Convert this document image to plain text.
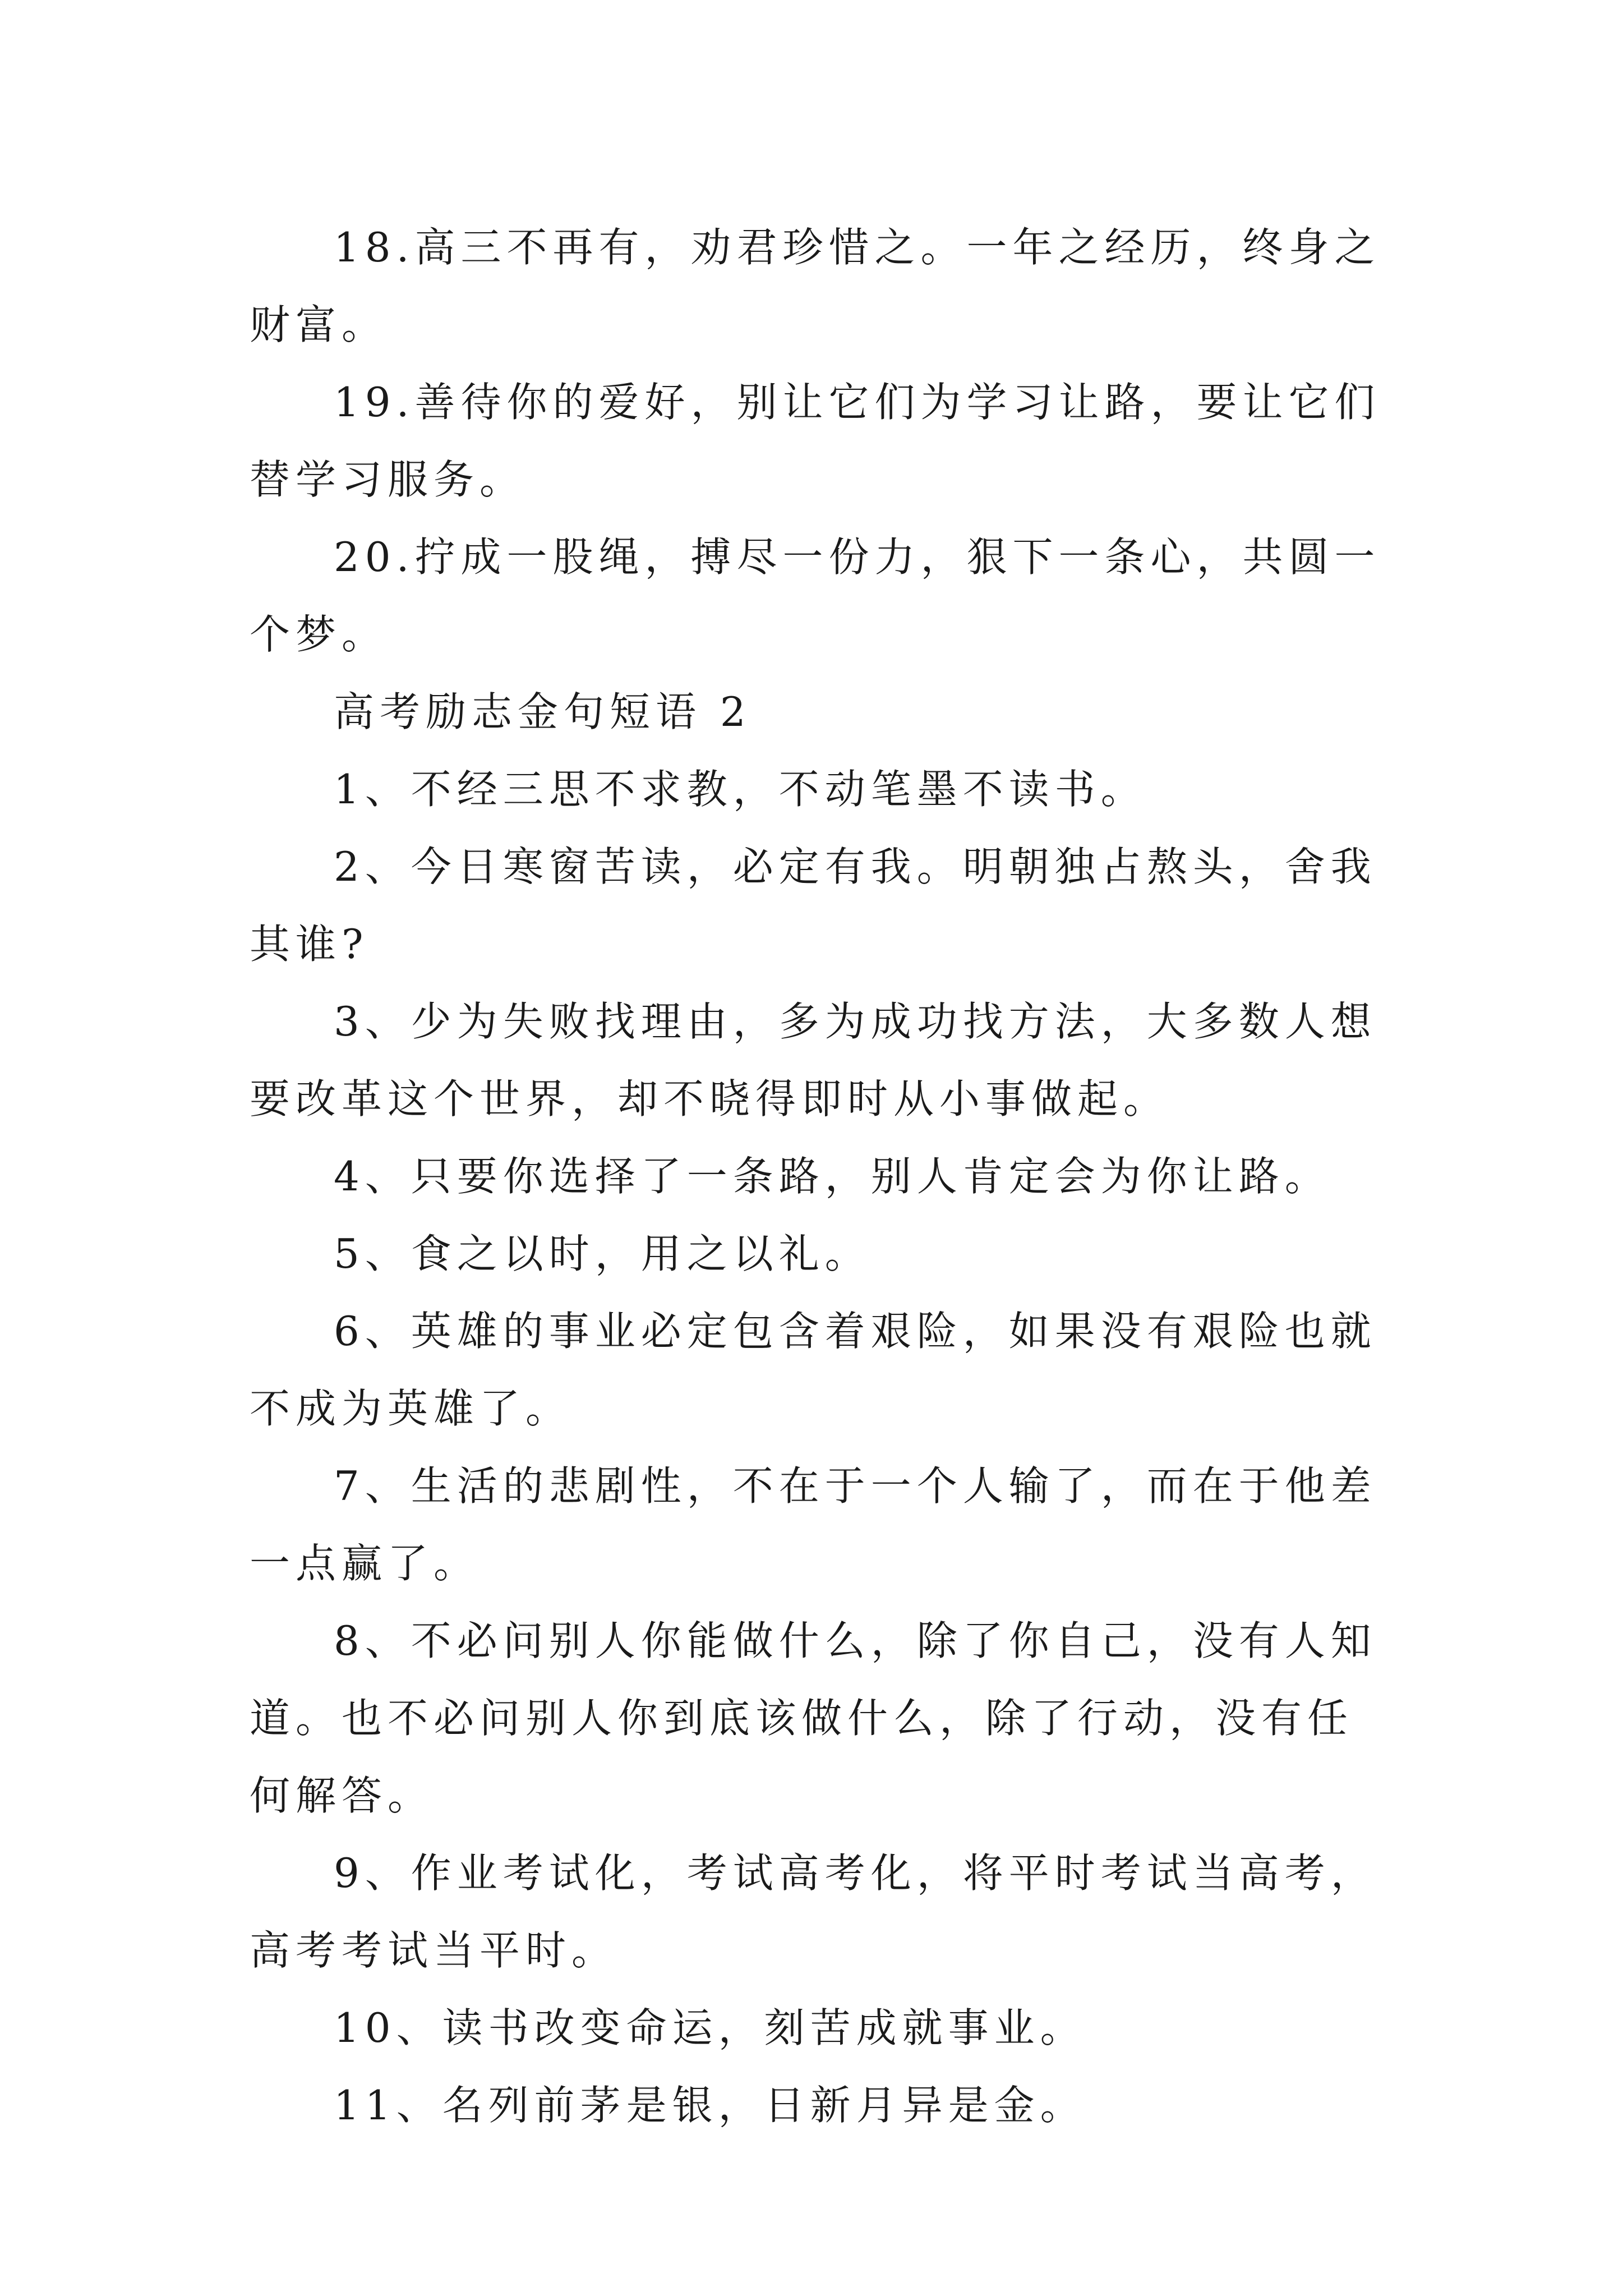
18.高三不再有，劝君珍惜之。一年之经历，终身之财富。

19.善待你的爱好，别让它们为学习让路，要让它们替学习服务。

20.拧成一股绳，搏尽一份力，狠下一条心，共圆一个梦。

高考励志金句短语 2

1、不经三思不求教，不动笔墨不读书。

2、今日寒窗苦读，必定有我。明朝独占熬头，舍我其谁?

3、少为失败找理由，多为成功找方法，大多数人想要改革这个世界，却不晓得即时从小事做起。

4、只要你选择了一条路，别人肯定会为你让路。

5、食之以时，用之以礼。

6、英雄的事业必定包含着艰险，如果没有艰险也就不成为英雄了。

7、生活的悲剧性，不在于一个人输了，而在于他差一点赢了。

8、不必问别人你能做什么，除了你自己，没有人知道。也不必问别人你到底该做什么，除了行动，没有任何解答。

9、作业考试化，考试高考化，将平时考试当高考，高考考试当平时。

10、读书改变命运，刻苦成就事业。

11、名列前茅是银，日新月异是金。
